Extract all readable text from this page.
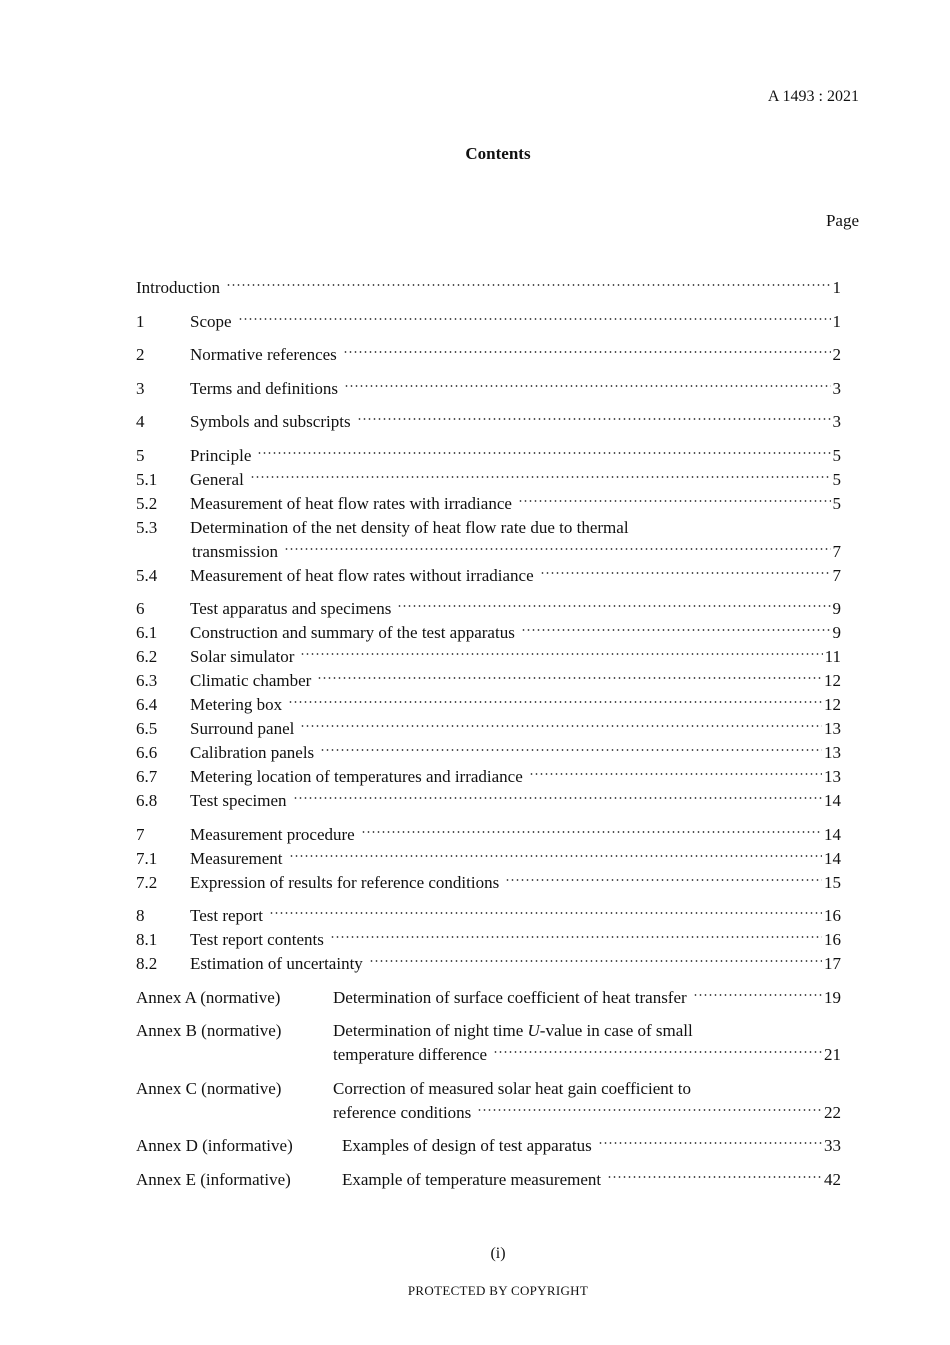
A 1493 : 2021
Contents
Page
Introduction	1
1	Scope	1
2	Normative references	2
3	Terms and definitions	3
4	Symbols and subscripts	3
5	Principle	5
5.1	General	5
5.2	Measurement of heat flow rates with irradiance	5
5.3	Determination of the net density of heat flow rate due to thermal
transmission	7
5.4	Measurement of heat flow rates without irradiance	7
6	Test apparatus and specimens	9
6.1	Construction and summary of the test apparatus	9
6.2	Solar simulator	11
6.3	Climatic chamber	12
6.4	Metering box	12
6.5	Surround panel	13
6.6	Calibration panels	13
6.7	Metering location of temperatures and irradiance	13
6.8	Test specimen	14
7	Measurement procedure	14
7.1	Measurement	14
7.2	Expression of results for reference conditions	15
8	Test report	16
8.1	Test report contents	16
8.2	Estimation of uncertainty	17
Annex A (normative)	Determination of surface coefficient of heat transfer	19
Annex B (normative)	Determination of night time U-value in case of small
temperature difference	21
Annex C (normative)	Correction of measured solar heat gain coefficient to
reference conditions	22
Annex D (informative)	Examples of design of test apparatus	33
Annex E (informative)	Example of temperature measurement	42
(i)
PROTECTED BY COPYRIGHT
